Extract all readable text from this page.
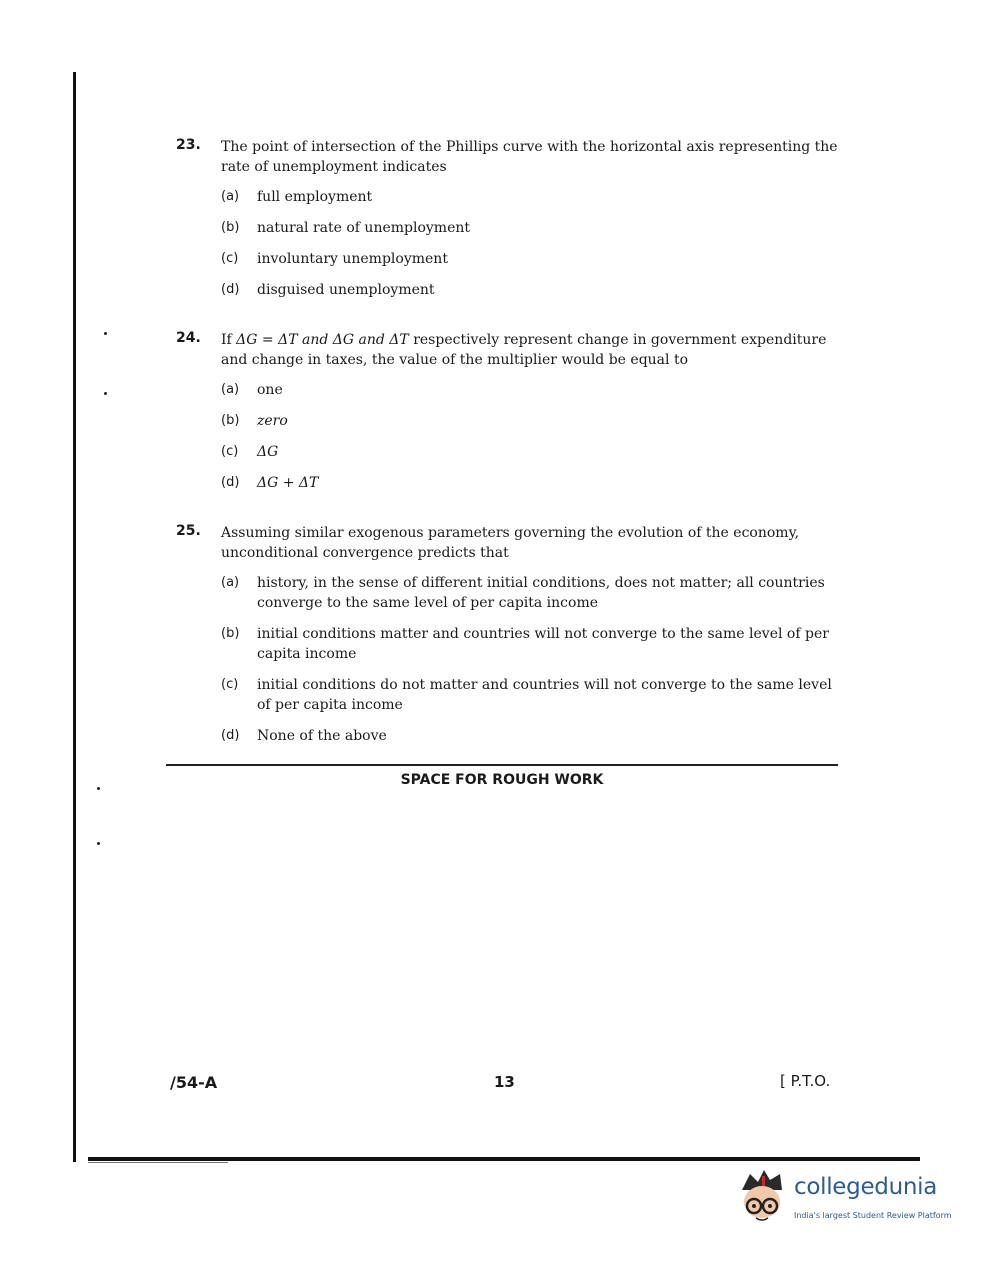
23. The point of intersection of the Phillips curve with the horizontal axis representing the rate of unemployment indicates
(a)	full employment
(b)	natural rate of unemployment
(c)	involuntary unemployment
(d)	disguised unemployment
24. If ΔG = ΔT and ΔG and ΔT respectively represent change in government expenditure and change in taxes, the value of the multiplier would be equal to
(a)	one
(b)	zero
(c)	ΔG
(d)	ΔG + ΔT
25. Assuming similar exogenous parameters governing the evolution of the economy, unconditional convergence predicts that
(a)	history, in the sense of different initial conditions, does not matter; all countries converge to the same level of per capita income
(b)	initial conditions matter and countries will not converge to the same level of per capita income
(c)	initial conditions do not matter and countries will not converge to the same level of per capita income
(d)	None of the above
SPACE FOR ROUGH WORK
/54-A	13	[ P.T.O.
collegedunia
India's largest Student Review Platform
